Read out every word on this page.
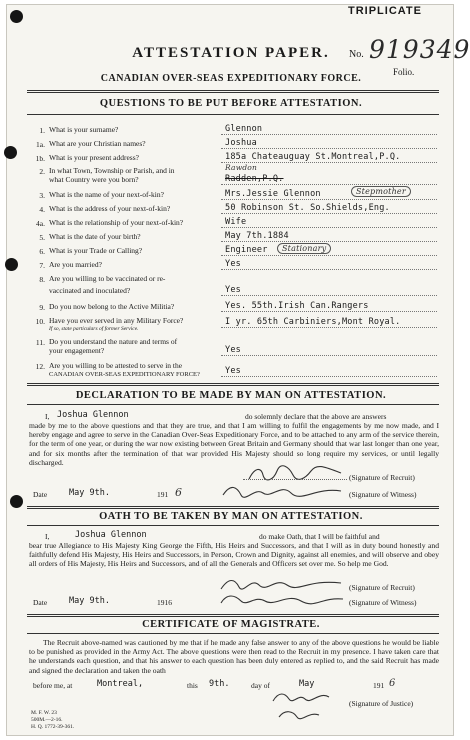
TRIPLICATE
ATTESTATION PAPER.	No. 919349
Folio.
CANADIAN OVER-SEAS EXPEDITIONARY FORCE.
QUESTIONS TO BE PUT BEFORE ATTESTATION.
1. What is your surname?	Glennon
1a. What are your Christian names?	Joshua
1b. What is your present address?	185a Chateauguay St.Montreal,P.Q.
2. In what Town, Township or Parish, and in
what Country were you born?
Rawdon
Radden,P.Q.
3. What is the name of your next-of-kin?	Mrs.Jessie Glennon	Stepmother
4. What is the address of your next-of-kin?	50 Robinson St. So.Shields,Eng.
4a. What is the relationship of your next-of-kin?	Wife
5. What is the date of your birth?	May 7th.1884
6. What is your Trade or Calling?	Engineer	Stationary
7. Are you married?	Yes
8. Are you willing to be vaccinated or re-
vaccinated and inoculated?	Yes
9. Do you now belong to the Active Militia?	Yes. 55th.Irish Can.Rangers
10. Have you ever served in any Military Force?
If so, state particulars of former Service.
I yr. 65th Carbiniers,Mont Royal.
11. Do you understand the nature and terms of
your engagement?	Yes
12. Are you willing to be attested to serve in the
CANADIAN OVER-SEAS EXPEDITIONARY FORCE?	Yes
DECLARATION TO BE MADE BY MAN ON ATTESTATION.
I, Joshua Glennon	do solemnly declare that the above are answers
made by me to the above questions and that they are true, and that I am willing to fulfil the engagements by me now made, and I hereby engage and agree to serve in the Canadian Over-Seas Expeditionary Force, and to be attached to any arm of the service therein, for the term of one year, or during the war now existing between Great Britain and Germany should that war last longer than one year, and for six months after the termination of that war provided His Majesty should so long require my services, or until legally discharged.
(Signature of Recruit)
Date	May 9th.	191 6	(Signature of Witness)
OATH TO BE TAKEN BY MAN ON ATTESTATION.
I,	Joshua Glennon	do make Oath, that I will be faithful and
bear true Allegiance to His Majesty King George the Fifth, His Heirs and Successors, and that I will as in duty bound honestly and faithfully defend His Majesty, His Heirs and Successors, in Person, Crown and Dignity, against all enemies, and will observe and obey all orders of His Majesty, His Heirs and Successors, and of all the Generals and Officers set over me. So help me God.
(Signature of Recruit)
Date	May 9th.	1916	(Signature of Witness)
CERTIFICATE OF MAGISTRATE.
The Recruit above-named was cautioned by me that if he made any false answer to any of the above questions he would be liable to be punished as provided in the Army Act. The above questions were then read to the Recruit in my presence. I have taken care that he understands each question, and that his answer to each question has been duly entered as replied to, and the said Recruit has made and signed the declaration and taken the oath
before me, at	Montreal,	this 9th.	day of	May	191 6
(Signature of Justice)
M. F. W. 23
500M.—2-16.
H. Q. 1772-39-361.
